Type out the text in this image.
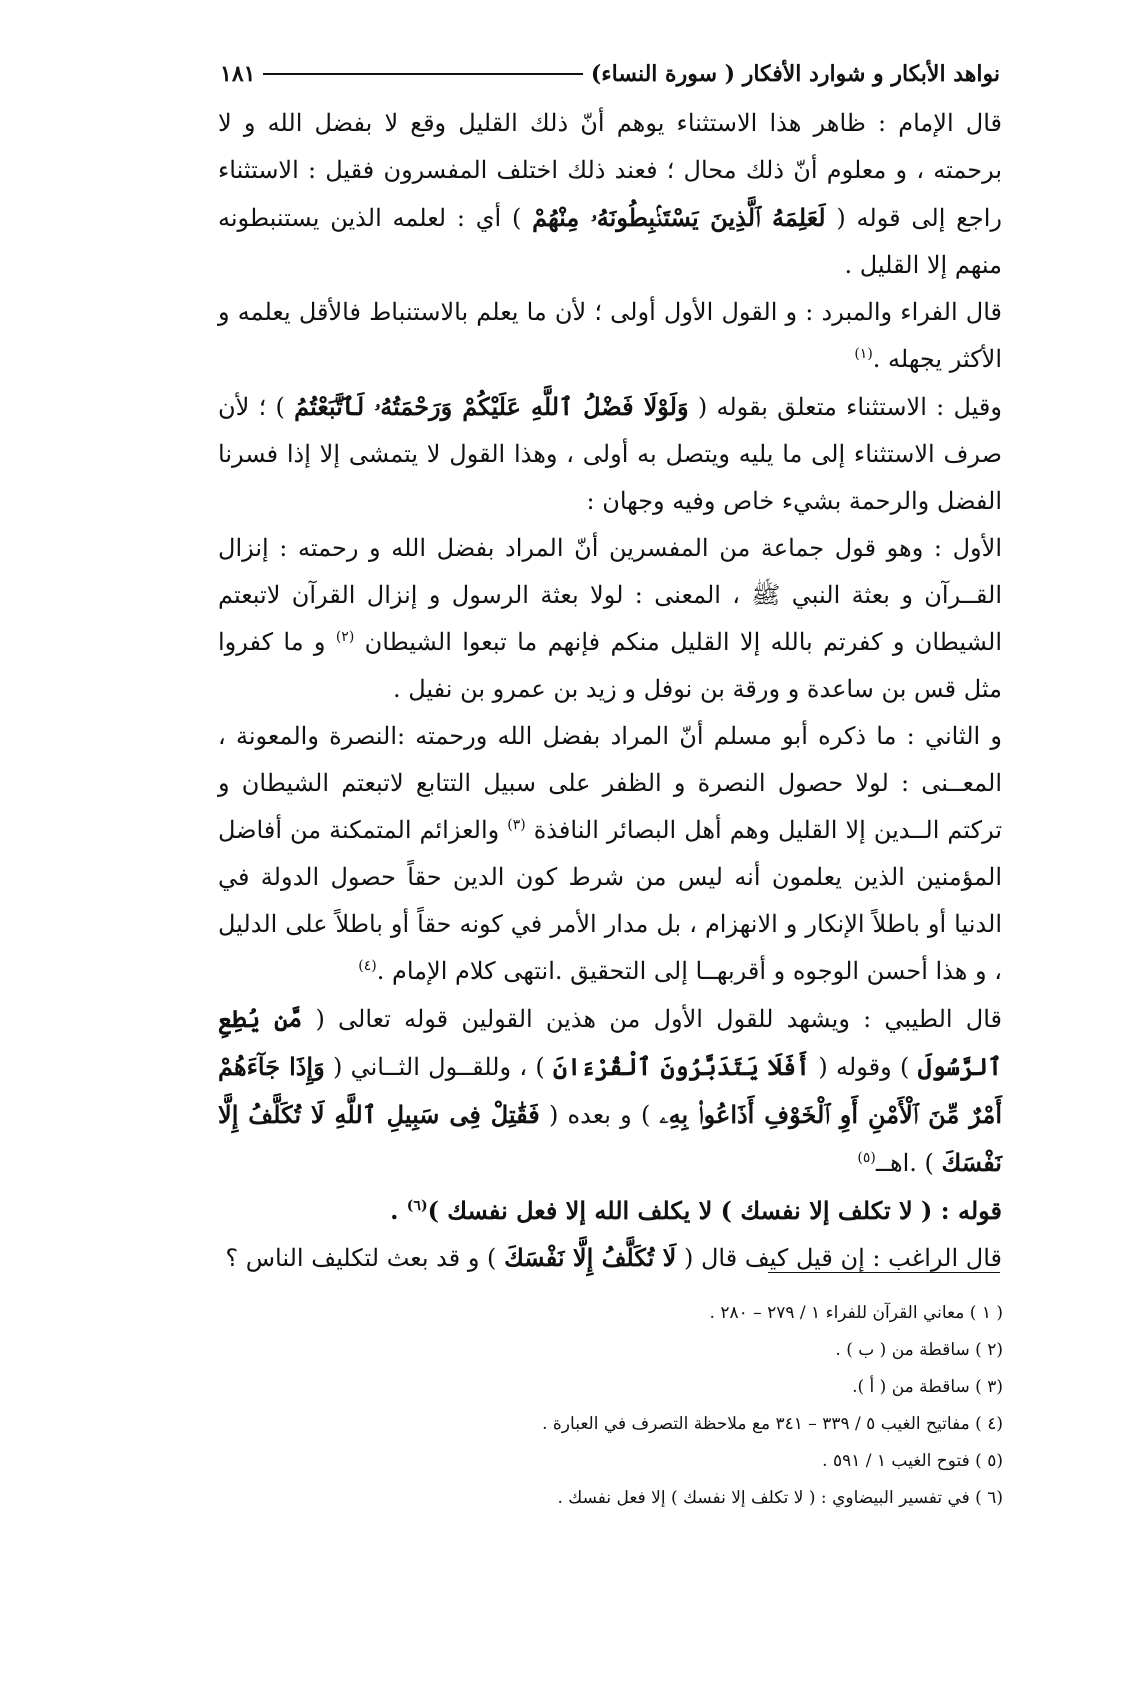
نواهد الأبكار و شوارد الأفكار ( سورة النساء)
١٨١

قال الإمام : ظاهر هذا الاستثناء يوهم أنّ ذلك القليل وقع لا بفضل الله و لا برحمته ، و معلوم أنّ ذلك محال ؛ فعند ذلك اختلف المفسرون فقيل : الاستثناء راجع إلى قوله ( لَعَلِمَهُ ٱلَّذِينَ يَسْتَنۢبِطُونَهُۥ مِنْهُمْ ) أي : لعلمه الذين يستنبطونه منهم إلا القليل .

قال الفراء والمبرد : و القول الأول أولى ؛ لأن ما يعلم بالاستنباط فالأقل يعلمه و الأكثر يجهله .$^{(١)}$

وقيل : الاستثناء متعلق بقوله ( وَلَوْلَا فَضْلُ ٱللَّهِ عَلَيْكُمْ وَرَحْمَتُهُۥ لَٱتَّبَعْتُمُ ) ؛ لأن صرف الاستثناء إلى ما يليه ويتصل به أولى ، وهذا القول لا يتمشى إلا إذا فسرنا الفضل والرحمة بشيء خاص وفيه وجهان :

الأول : وهو قول جماعة من المفسرين أنّ المراد بفضل الله و رحمته : إنزال القــرآن و بعثة النبي ﷺ ، المعنى : لولا بعثة الرسول و إنزال القرآن لاتبعتم الشيطان و كفرتم بالله إلا القليل منكم فإنهم ما تبعوا الشيطان $^{(٢)}$ و ما كفروا مثل قس بن ساعدة و ورقة بن نوفل و زيد بن عمرو بن نفيل .

و الثاني : ما ذكره أبو مسلم أنّ المراد بفضل الله ورحمته :النصرة والمعونة ، المعــنى : لولا حصول النصرة و الظفر على سبيل التتابع لاتبعتم الشيطان و تركتم الــدين إلا القليل وهم أهل البصائر النافذة $^{(٣)}$ والعزائم المتمكنة من أفاضل المؤمنين الذين يعلمون أنه ليس من شرط كون الدين حقاً حصول الدولة في الدنيا أو باطلاً الإنكار و الانهزام ، بل مدار الأمر في كونه حقاً أو باطلاً على الدليل ، و هذا أحسن الوجوه و أقربهــا إلى التحقيق .انتهى كلام الإمام .$^{(٤)}$

قال الطيبي : ويشهد للقول الأول من هذين القولين قوله تعالى ( مَّن يُطِعِ ٱلرَّسُولَ ) وقوله ( أَفَلَا يَتَدَبَّرُونَ ٱلْقُرْءَانَ ) ، وللقــول الثــاني ( وَإِذَا جَآءَهُمْ أَمْرٌ مِّنَ ٱلْأَمْنِ أَوِ ٱلْخَوْفِ أَذَاعُوا۟ بِهِۦ ) و بعده ( فَقَٰتِلْ فِى سَبِيلِ ٱللَّهِ لَا تُكَلَّفُ إِلَّا نَفْسَكَ ) .اهــ$^{(٥)}$

قوله : ( لا تكلف إلا نفسك ) لا يكلف الله إلا فعل نفسك )$^{(٦)}$ .

قال الراغب : إن قيل كيف قال ( لَا تُكَلَّفُ إِلَّا نَفْسَكَ ) و قد بعث لتكليف الناس ؟

( ١ ) معاني القرآن للفراء ١ / ٢٧٩ – ٢٨٠ .
(٢ ) ساقطة من ( ب ) .
(٣ ) ساقطة من ( أ ).
(٤ ) مفاتيح الغيب ٥ / ٣٣٩ – ٣٤١ مع ملاحظة التصرف في العبارة .
(٥ ) فتوح الغيب ١ / ٥٩١ .
(٦ ) في تفسير البيضاوي : ( لا تكلف إلا نفسك ) إلا فعل نفسك .
